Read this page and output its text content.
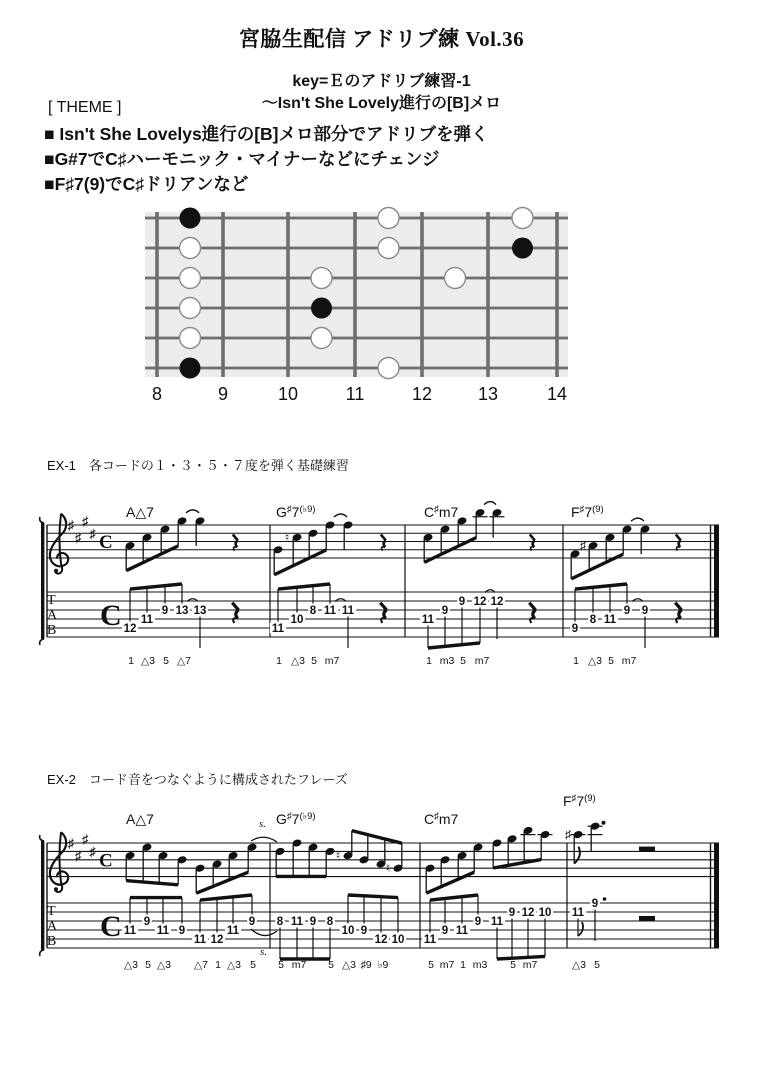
宮脇生配信 アドリブ練 Vol.36
key=Ｅのアドリブ練習-1
～Isn't She Lovely進行の[B]メロ
[ THEME ]
■ Isn't She Lovelys進行の[B]メロ部分でアドリブを弾く
■G#7でC♯ハーモニック・マイナーなどにチェンジ
■F♯7(9)でC♯ドリアンなど
EX-1　各コードの１・３・５・７度を弾く基礎練習
EX-2　コード音をつなぐように構成されたフレーズ
8	9	10	11	12	13	14
C♯
C♯
C♯
C♯
♯
♯
♯
♯ C
T
A
B C
A△7
12
11
9 13 13
1 △3 5 △7
$G^♯7^{(♭9)}$
♮
11
10
8 11 11
1 △3 5 m7
C♯m7
11
9
9 12 12
1 m3 5 m7
F♯7$^{(9)}$
♯
9
8 11
9 9
1 △3 5 m7
♯
♯
♯
♯ C
T
A
B C
s.
s.
A△7
11
9
11 9
11 12
11
9
△3 5 △3 △7 1 △3 5
$G^♯7^{(♭9)}$
♮
♮
8 11 9 8
10 9
12 10
5 m7 5 △3 ♯9 ♭9
C♯m7
11
9 11
9 11
9 12 10
5 m7 1 m3 5 m7
F♯7$^{(9)}$
♯
11
9
△3 5
